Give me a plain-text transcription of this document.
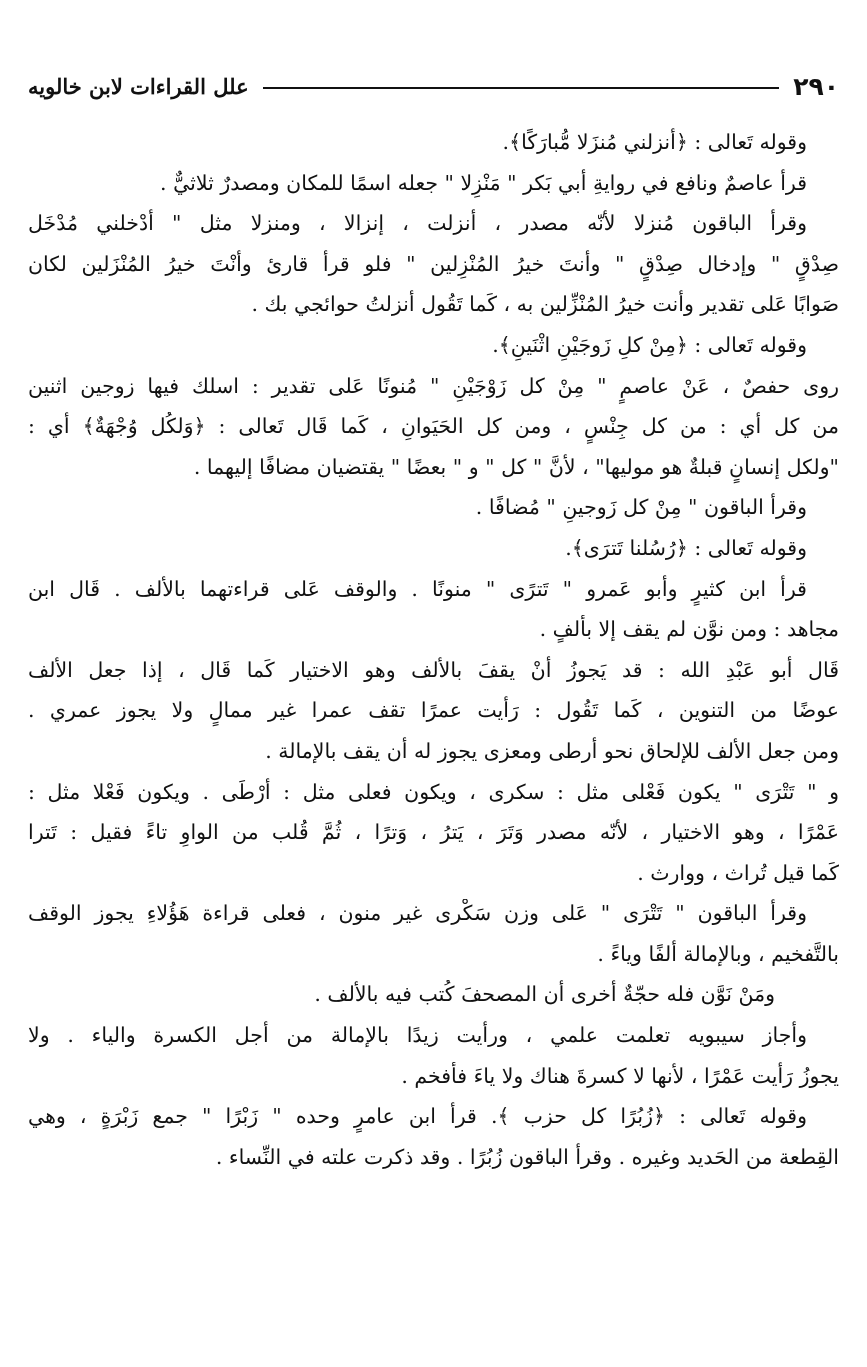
٢٩٠
علل القراءات لابن خالويه
وقوله تَعالى : ﴿أنزلني مُنزَلا مُّبارَكًا﴾.
قرأ عاصمٌ ونافع في روايةِ أبي بَكر " مَنْزِلا " جعله اسمًا للمكان ومصدرٌ ثلاثيٌّ .
وقرأ الباقون مُنزلا لأنّه مصدر ، أنزلت ، إنزالا ، ومنزلا مثل " أدْخلني مُدْخَل
صِدْقٍ " وإدخال صِدْقٍ " وأنتَ خيرُ المُنْزِلين " فلو قرأ قارئ وأَنْتَ خيرُ المُنْزَلين لكان
صَوابًا عَلى تقدير وأنت خيرُ المُنْزِّلين به ، كَما تَقُول أنزلتُ حوائجي بك .
وقوله تَعالى : ﴿مِنْ كلِ زَوجَيْنِ اثْنَينِ﴾.
روى حفصٌ ، عَنْ عاصمٍ " مِنْ كل زَوْجَيْنِ " مُنونًا عَلى تقدير : اسلك فيها زوجين اثنين
من كل أي : من كل جِنْسٍ ، ومن كل الحَيَوانِ ، كَما قَال تَعالى : ﴿وَلكُل وُجْهَةٌ﴾ أي :
"ولكل إنسانٍ قبلةٌ هو موليها" ، لأنَّ " كل " و " بعضًا " يقتضيان مضافًا إليهما .
وقرأ الباقون " مِنْ كل زَوجينِ " مُضافًا .
وقوله تَعالى : ﴿رُسُلنا تَترَى﴾.
قرأ ابن كثيرٍ وأَبو عَمرو " تَترًى " منونًا . والوقف عَلى قراءتهما بالألف . قَال ابن
مجاهد : ومن نوَّن لم يقف إلا بألفٍ .
قَال أَبو عَبْدِ الله : قد يَجوزُ أنْ يقفَ بالألف وهو الاختيار كَما قَال ، إذا جعل الألف
عوضًا من التنوين ، كَما تَقُول : رَأَيت عمرًا تقف عمرا غير ممالٍ ولا يجوز عمري .
ومن جعل الألف للإلحاق نحو أرطى ومعزى يجوز له أن يقف بالإمالة .
و " تَتْرَى " يكون فَعْلى مثل : سكرى ، ويكون فعلى مثل : أَرْطَى . ويكون فَعْلا مثل :
عَمْرًا ، وهو الاختيار ، لأنّه مصدر وَتَرَ ، يَترُ ، وَترًا ، ثُمَّ قُلب من الواوِ تاءً فقيل : تَترا
كَما قيل تُراث ، ووارث .
وقرأ الباقون " تَتْرَى " عَلى وزن سَكْرى غير منون ، فعلى قراءة هَؤُلاءِ يجوز الوقف
بالتَّفخيم ، وبالإمالة ألفًا وياءً .
ومَنْ نَوَّن فله حجّةٌ أخرى أن المصحفَ كُتب فيه بالألف .
وأجاز سيبويه تعلمت علمي ، ورأيت زيدًا بالإمالة من أجل الكسرة والياء . ولا
يجوزُ رَأَيت عَمْرًا ، لأنها لا كسرةَ هناك ولا ياءَ فأفخم .
وقوله تَعالى : ﴿زُبُرًا كل حزب ﴾. قرأ ابن عامرٍ وحده " زَبْرًا " جمع زَبْرَةٍ ، وهي
القِطعة من الحَديد وغيره . وقرأ الباقون زُبُرًا . وقد ذكرت علته في النِّساء .
